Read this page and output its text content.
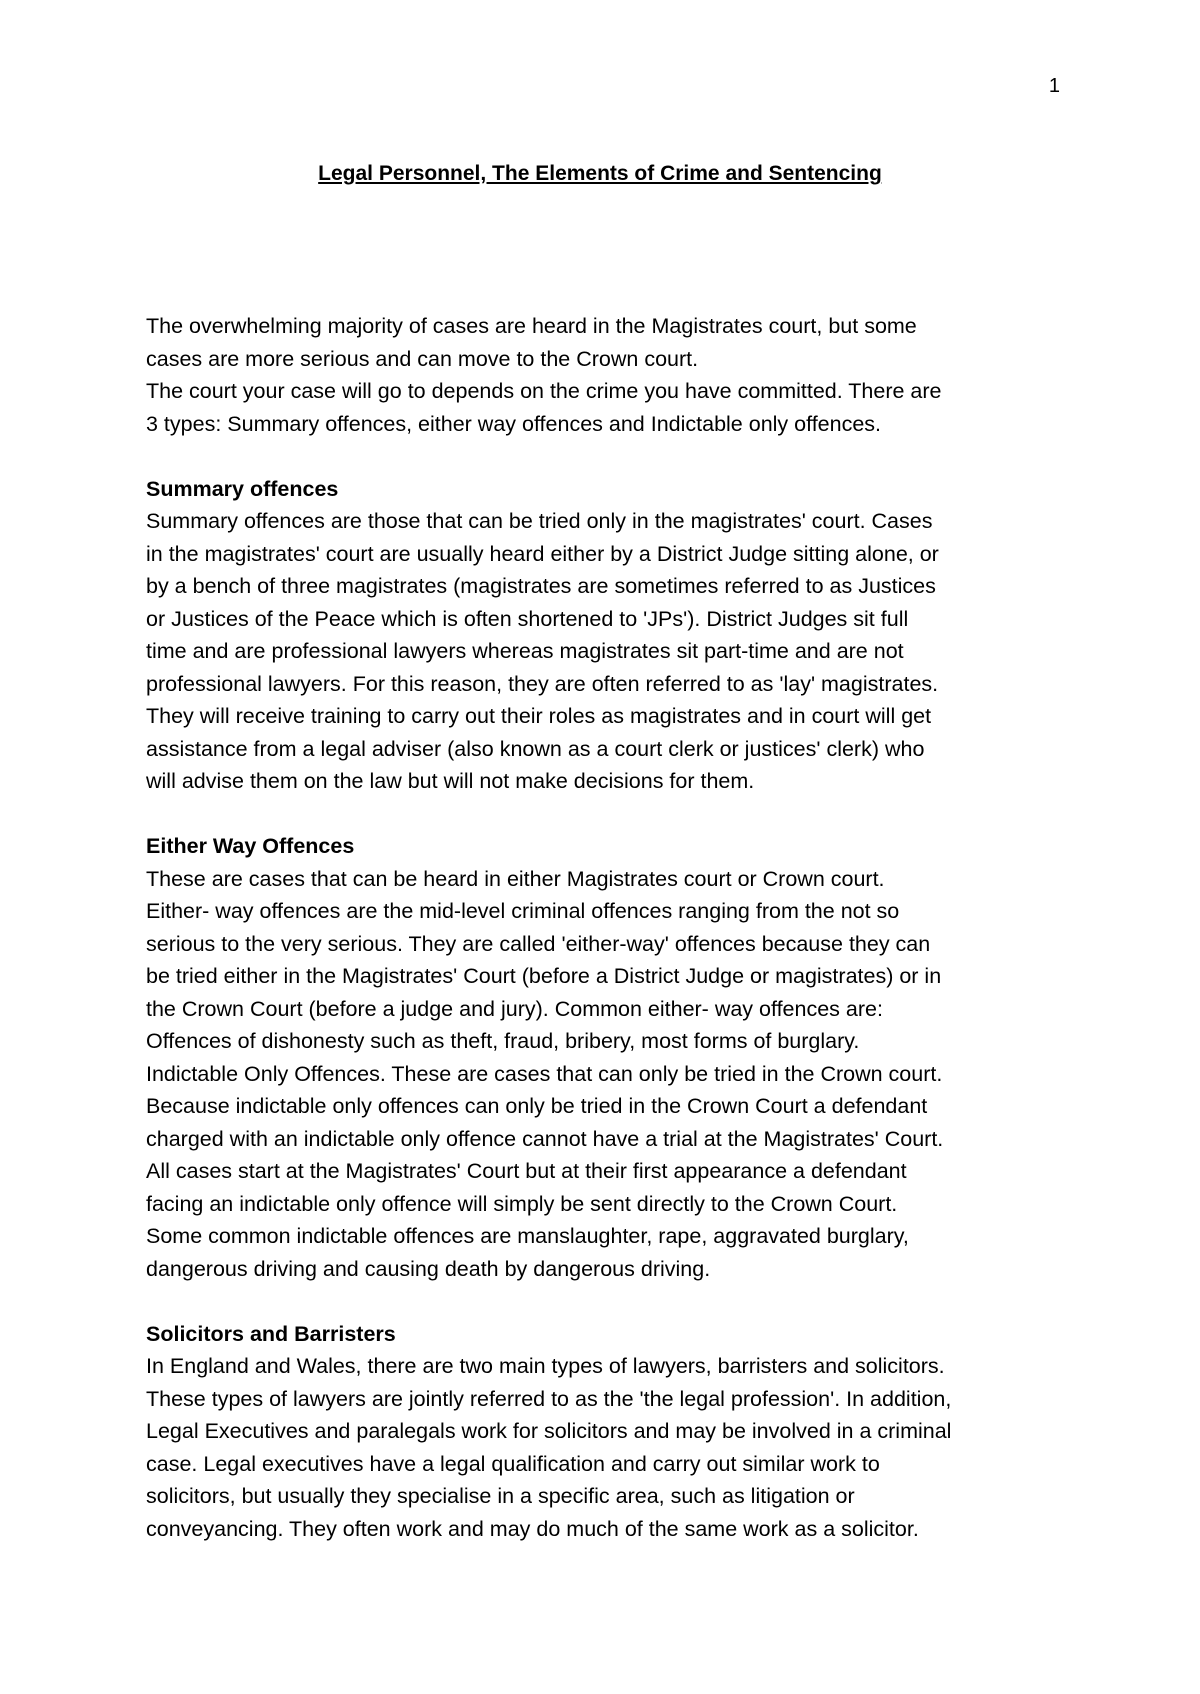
1
Legal Personnel, The Elements of Crime and Sentencing

The overwhelming majority of cases are heard in the Magistrates court, but some
cases are more serious and can move to the Crown court.
The court your case will go to depends on the crime you have committed. There are
3 types: Summary offences, either way offences and Indictable only offences.

Summary offences
Summary offences are those that can be tried only in the magistrates' court. Cases
in the magistrates' court are usually heard either by a District Judge sitting alone, or
by a bench of three magistrates (magistrates are sometimes referred to as Justices
or Justices of the Peace which is often shortened to 'JPs'). District Judges sit full
time and are professional lawyers whereas magistrates sit part-time and are not
professional lawyers. For this reason, they are often referred to as 'lay' magistrates.
They will receive training to carry out their roles as magistrates and in court will get
assistance from a legal adviser (also known as a court clerk or justices' clerk) who
will advise them on the law but will not make decisions for them.

Either Way Offences
These are cases that can be heard in either Magistrates court or Crown court.
Either- way offences are the mid-level criminal offences ranging from the not so
serious to the very serious. They are called 'either-way' offences because they can
be tried either in the Magistrates' Court (before a District Judge or magistrates) or in
the Crown Court (before a judge and jury). Common either- way offences are:
Offences of dishonesty such as theft, fraud, bribery, most forms of burglary.
Indictable Only Offences. These are cases that can only be tried in the Crown court.
Because indictable only offences can only be tried in the Crown Court a defendant
charged with an indictable only offence cannot have a trial at the Magistrates' Court.
All cases start at the Magistrates' Court but at their first appearance a defendant
facing an indictable only offence will simply be sent directly to the Crown Court.
Some common indictable offences are manslaughter, rape, aggravated burglary,
dangerous driving and causing death by dangerous driving.

Solicitors and Barristers
In England and Wales, there are two main types of lawyers, barristers and solicitors.
These types of lawyers are jointly referred to as the 'the legal profession'. In addition,
Legal Executives and paralegals work for solicitors and may be involved in a criminal
case. Legal executives have a legal qualification and carry out similar work to
solicitors, but usually they specialise in a specific area, such as litigation or
conveyancing. They often work and may do much of the same work as a solicitor.
